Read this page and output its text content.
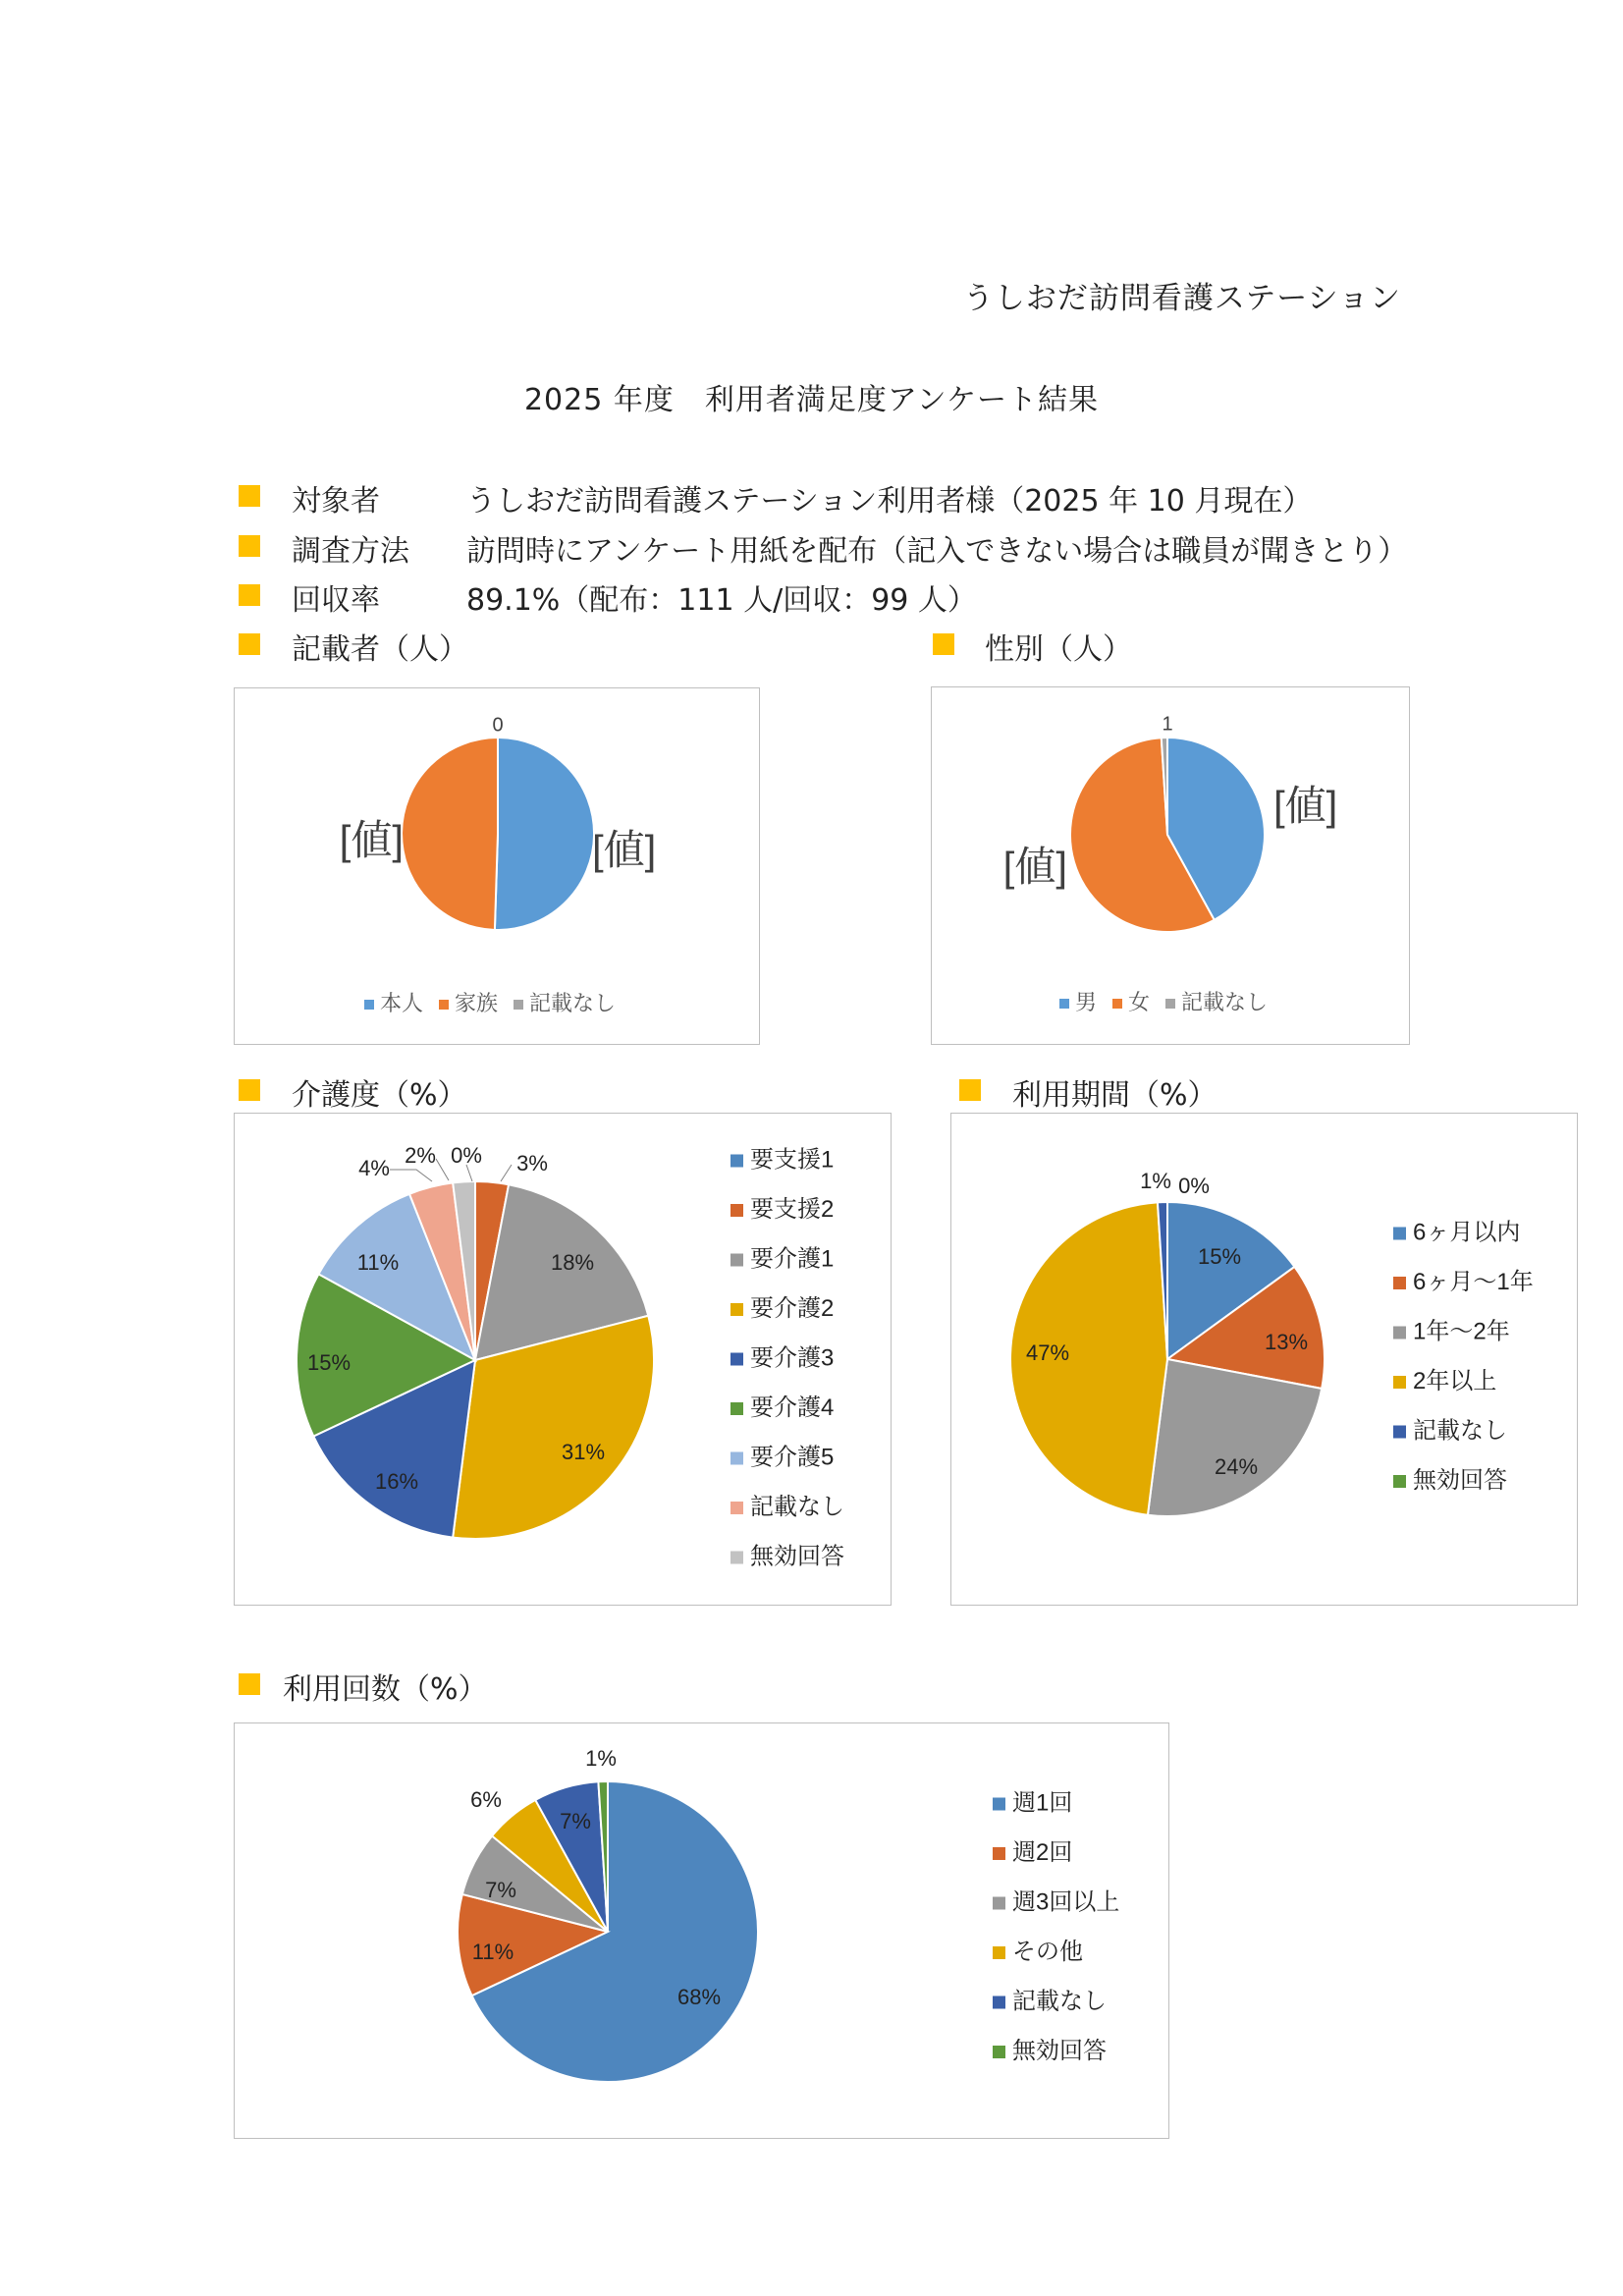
うしおだ訪問看護ステーション
2025 年度　利用者満足度アンケート結果
対象者	うしおだ訪問看護ステーション利用者様（2025 年 10 月現在）
調査方法 訪問時にアンケート用紙を配布（記入できない場合は職員が聞きとり）
回収率	89.1%（配布：111 人/回収：99 人）
記載者（人）	性別（人）
介護度（%）	利用期間（%）
利用回数（%）
[値]
[値]
0
本人 家族 記載なし
[値]
[値]
1
男 女 記載なし
0% 3%
18%
31%
16%
15%
11%
4%
2%	要支援1
要支援2
要介護1
要介護2
要介護3
要介護4
要介護5
記載なし
無効回答
15%
13%
24%
47%
1% 0%
6ヶ月以内
6ヶ月～1年
1年～2年
2年以上
記載なし
無効回答
68%
11%
7%
6%
7%
1%
週1回
週2回
週3回以上
その他
記載なし
無効回答
